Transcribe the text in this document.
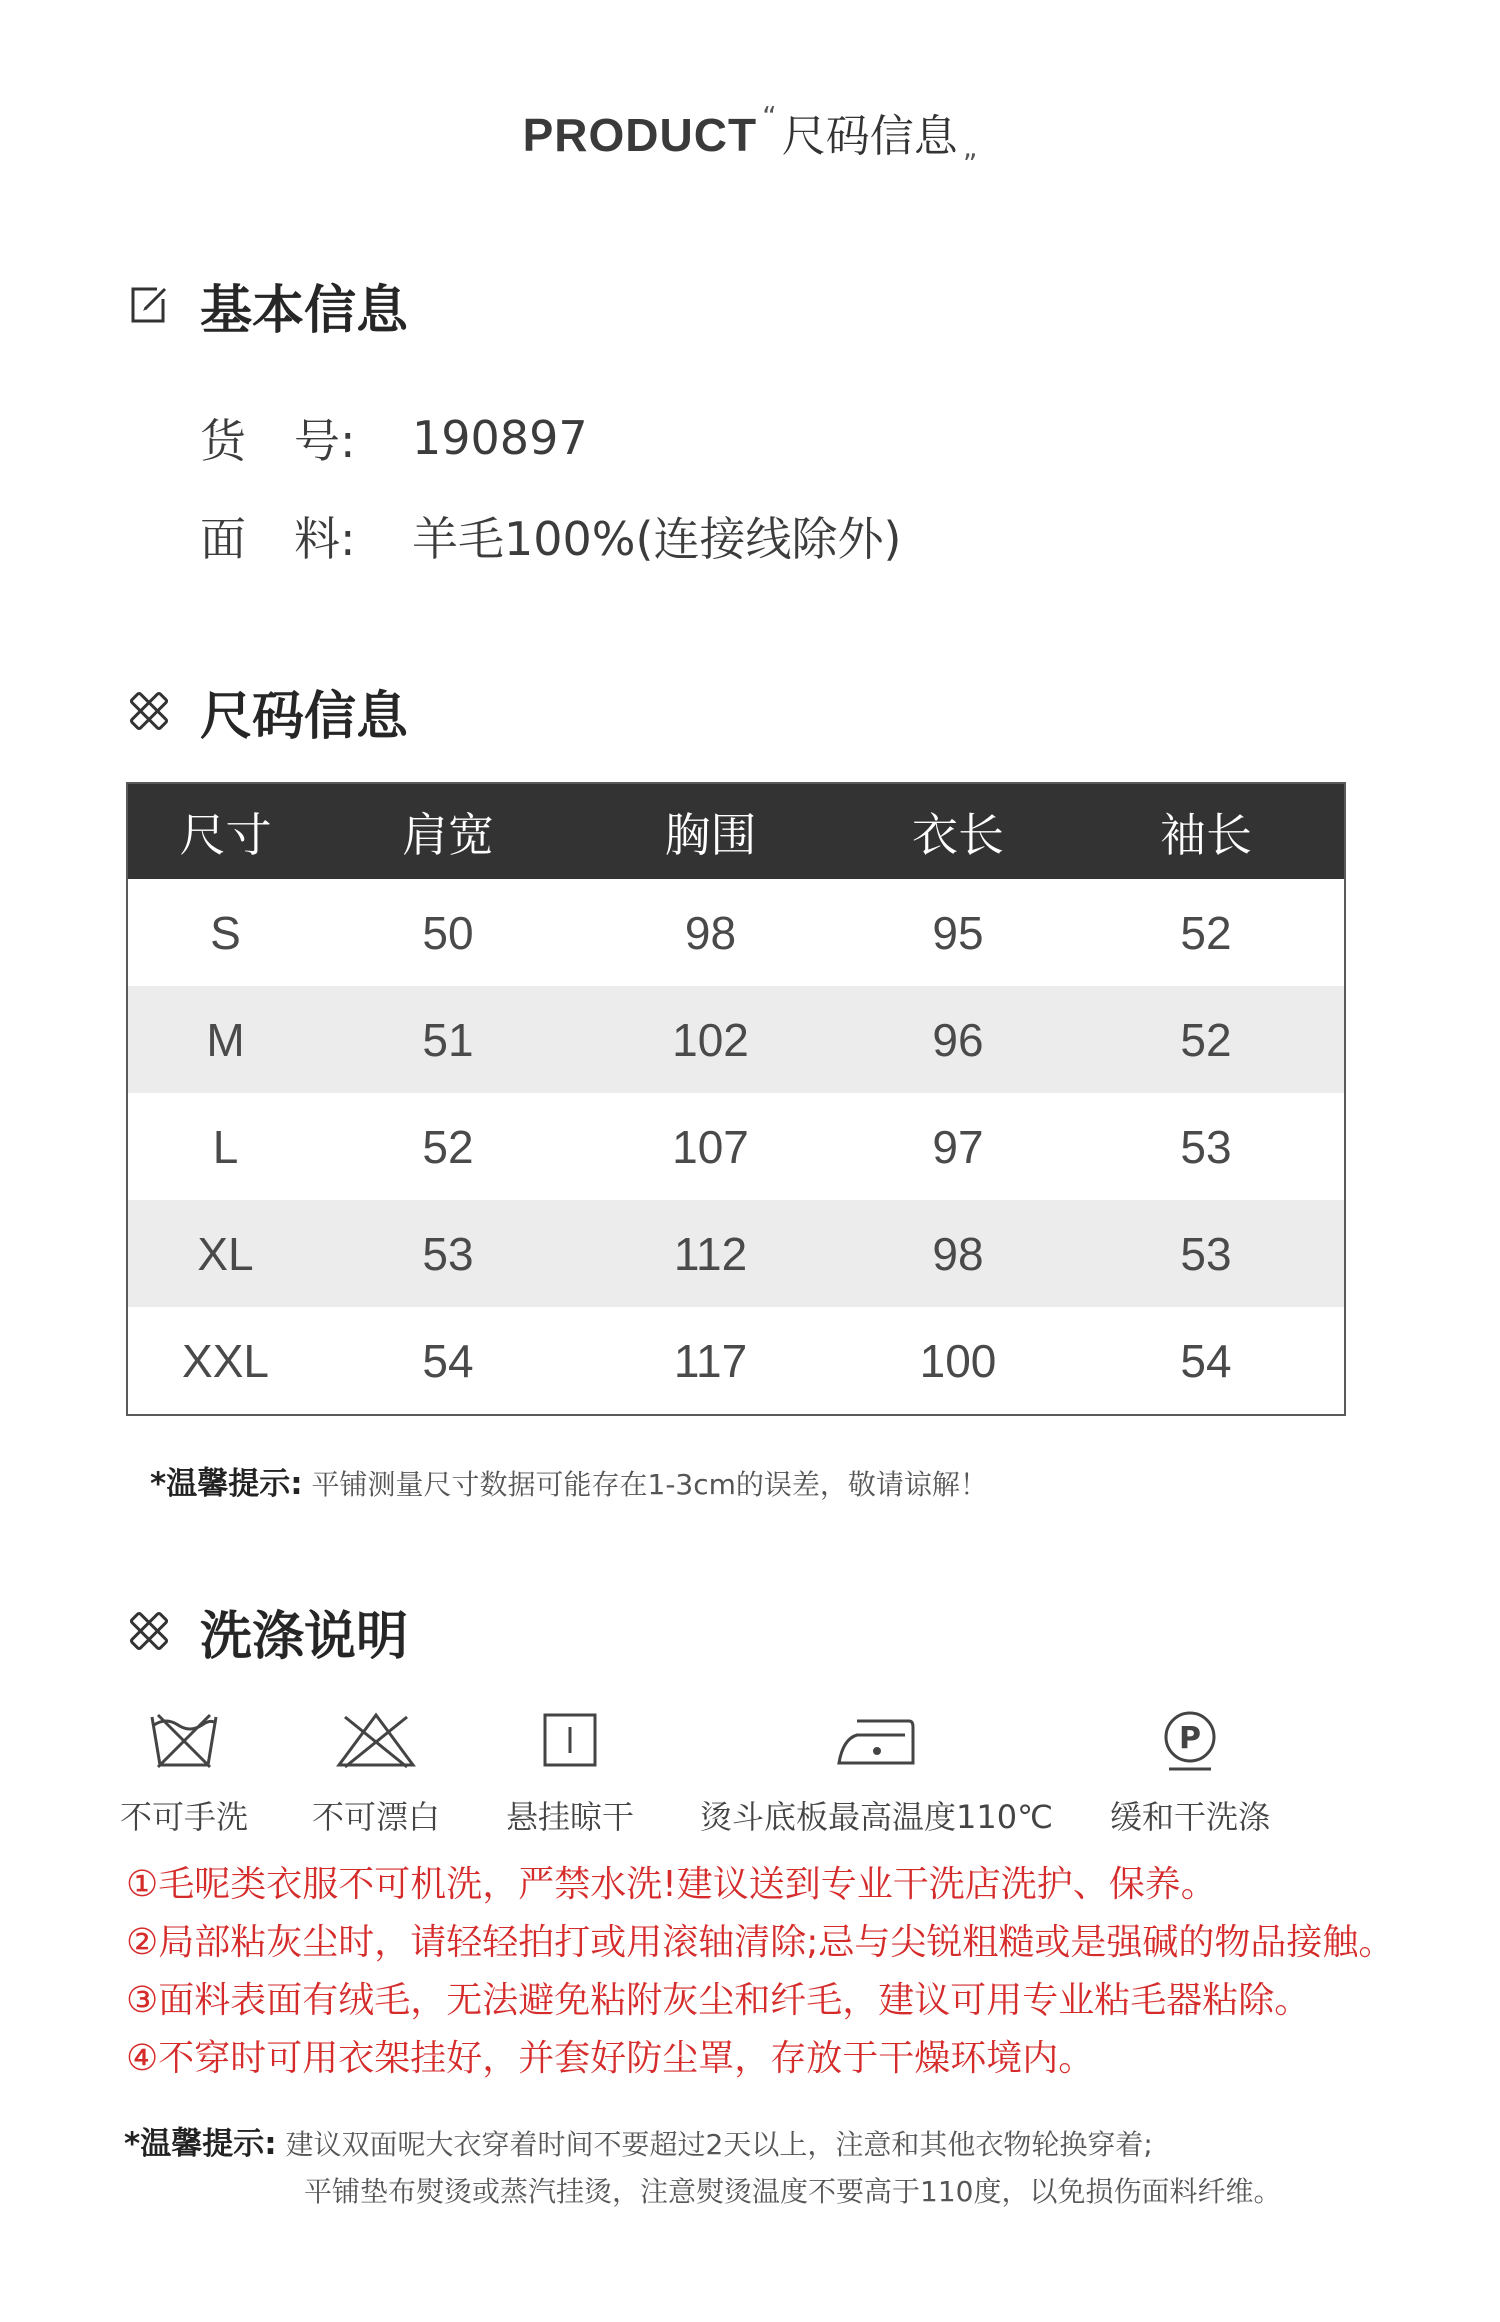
PRODUCT “ 尺码信息 „
基本信息
货 号:	190897
面 料:	羊毛100%(连接线除外)
尺码信息
尺寸	肩宽	胸围	衣长	袖长
S	50	98	95	52
M	51	102	96	52
L	52	107	97	53
XL	53	112	98	53
XXL	54	117	100	54
*温馨提示: 平铺测量尺寸数据可能存在1-3cm的误差，敬请谅解！
洗涤说明
不可手洗 不可漂白 悬挂晾干 烫斗底板最高温度110℃
P
缓和干洗涤
①毛呢类衣服不可机洗，严禁水洗!建议送到专业干洗店洗护、保养。
②局部粘灰尘时，请轻轻拍打或用滚轴清除;忌与尖锐粗糙或是强碱的物品接触。
③面料表面有绒毛，无法避免粘附灰尘和纤毛，建议可用专业粘毛器粘除。
④不穿时可用衣架挂好，并套好防尘罩，存放于干燥环境内。
*温馨提示: 建议双面呢大衣穿着时间不要超过2天以上，注意和其他衣物轮换穿着;
平铺垫布熨烫或蒸汽挂烫，注意熨烫温度不要高于110度，以免损伤面料纤维。
